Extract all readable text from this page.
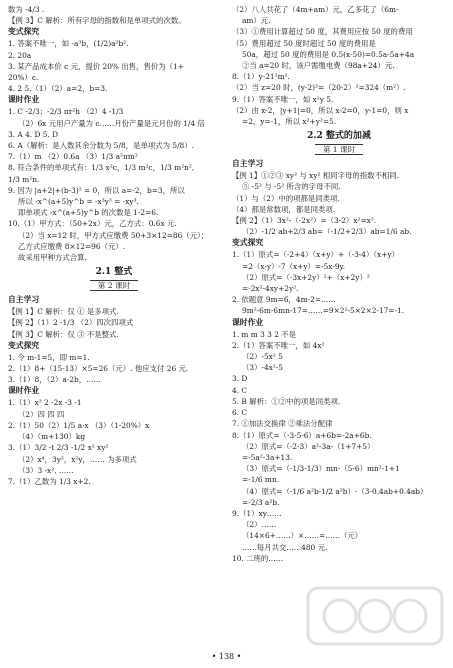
数为 -4/3 .
【例 3】C 解析：所有字母的指数和是单项式的次数。
变式探究
1. 答案不唯一，如 -a³b，(1/2)a²b².
2. 20a
3. 某产品成本价 c 元，提价 20% 出售，售价为（1+
20%）c.
4. 2 5.（1）（2）a=2，b=3.
课时作业
1. C -2/3；-2/3 πr²h （2）4 -1/3
（2）6x 元用户产量为 c……月份产量是元月份的 1/4 倍
3. A 4. D 5. D
6. A（解析：是入数其余分数为 5/8，是单项式为 5/8）.
7.（1）m （2）0.6a （3）1/3 a²πm²
8. 符合条件的单项式有：1/3 x²c，1/3 m²c，1/3 m²n²,
1/3 m²n.
9. 因为 |a+2|+(b-3)² = 0，所以 a=-2，b=3，所以
所以 -x^(a+5)y^b = -x³y³ = -xy³.
即单项式 -x^(a+5)y^b 的次数是 1-2=6.
10.（1）甲方式：（50+2x）元，乙方式：0.6x 元.
（2）当 x=12 时，甲方式应缴费 50+3×12=86（元）；
乙方式应缴费 8×12=96（元）.
故采用甲种方式合算.
2.1 整式
第 2 课时
自主学习
【例 1】C 解析：仅 ① 是多项式.
【例 2】（1）2 -1/3 （2）四次四项式
【例 3】C 解析：仅 ③ 不是整式.
变式探究
1. 令 m-1=5，即 m=1.
2.（1）8+（15-13）×5=26（元）. 他应支付 26 元.
3.（1）8，（2）a-2b，……
课时作业
1.（1）x² 2 -2x -3 -1
（2）四 四 四
2.（1）50（2）1/5 a·x （3）（1-20%）x
（4）（m+130）kg
3.（1）3/2 -t 2/3 -1/2 x² xy²
（2）x⁴，3y²，x²y，…… 为多项式
（3）3 -x², ……
7.（1）乙数为 1/3 x+2.
（2）八人共花了（4m+am）元，乙多花了（6m-
am）元.
（3）①费用计算超过 50 度，其费用应按 50 度的费用
（5）费用超过 50 度时超过 50 度的费用是
50a，超过 50 度的费用是 0.5(x-50)=0.5a-5a+4a
②当 a=20 时，该户需缴电费（98a+24）元.
8.（1）y-21²m².
（2）当 z=20 时，(y-2)²=（20-2）²=324（m²）.
9.（1）答案不唯一，如 x²y 5.
（2）由 x-2，|y+1|=0，所以 x-2=0，y-1=0，则 x
=2，y=-1，所以 x²+y²=5.
2.2 整式的加减
第 1 课时
自主学习
【例 1】①②③ xy² 与 xy² 相同字母的指数不相同.
⑤ -5² 与 -5² 所含的字母不同.
（1）与（2）中的项都是同类项.
（4）都是常数项，都是同类项.
【例 2】（1）3x²-（-2x²）=（3-2）x²=x².
（2）-1/2 ab+2/3 ab=（-1/2+2/3）ab=1/6 ab.
变式探究
1.（1）原式=（-2+4）（x+y）+（-3-4）（x+y）
=2（x-y）-7（x+y）=-5x-9y.
（2）原式=（-3x+2y）²+（x+2y）²
=-2x²-4xy+2y².
2. 依题意 9m=6，4m-2=……
9m²-6m-6mn-17=……=9×2²-5×2×2-17=-1.
课时作业
1. m m 3 3 2 不是
2.（1）答案不唯一，如 4x²
（2）-5x² 5
（3）-4x²-5
3. D
4. C
5. B 解析：①②中的项是同类项.
6. C
7. ①加法交换律 ②乘法分配律
8.（1）原式=（-3-5-6）a+6b=-2a+6b.
（2）原式=（-2-3）a²-3a-（1+7+5）
=-5a²-3a+13.
（3）原式=（-1/3-1/3）mn-（5-6）mn²-1+1
=-1/6 mn.
（4）原式=（-1/6 a²b-1/2 a²b）-（3-0.4ab+0.4ab）
=-2/3 a²b.
9.（1）xy……
（2）……
（14×6+……）×……=……（元）
……每月共交……480 元.
10. 二班的……
• 138 •
